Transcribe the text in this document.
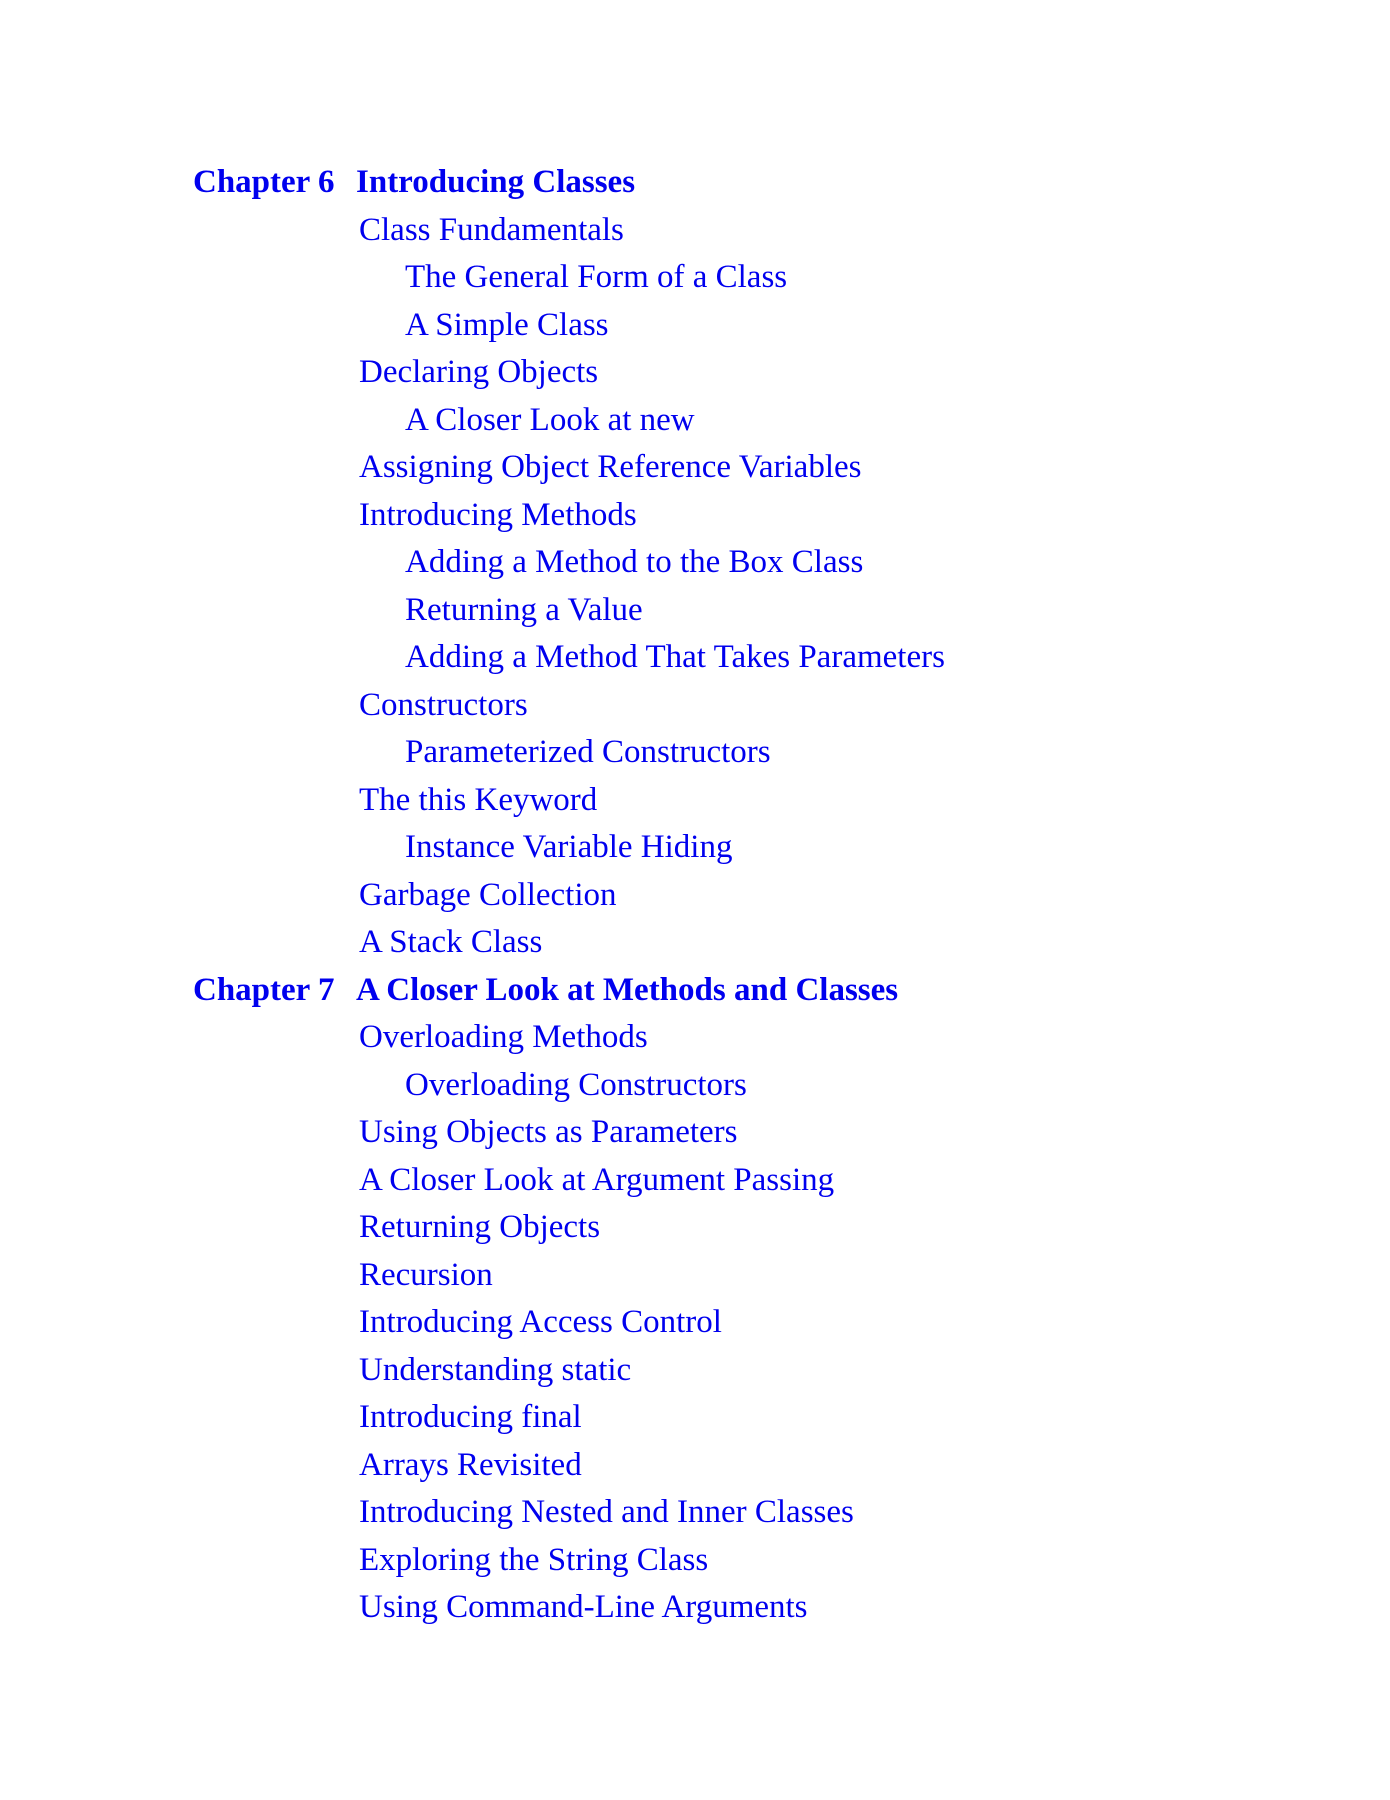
Chapter 6 Introducing Classes
Class Fundamentals
The General Form of a Class
A Simple Class
Declaring Objects
A Closer Look at new
Assigning Object Reference Variables
Introducing Methods
Adding a Method to the Box Class
Returning a Value
Adding a Method That Takes Parameters
Constructors
Parameterized Constructors
The this Keyword
Instance Variable Hiding
Garbage Collection
A Stack Class
Chapter 7 A Closer Look at Methods and Classes
Overloading Methods
Overloading Constructors
Using Objects as Parameters
A Closer Look at Argument Passing
Returning Objects
Recursion
Introducing Access Control
Understanding static
Introducing final
Arrays Revisited
Introducing Nested and Inner Classes
Exploring the String Class
Using Command-Line Arguments
